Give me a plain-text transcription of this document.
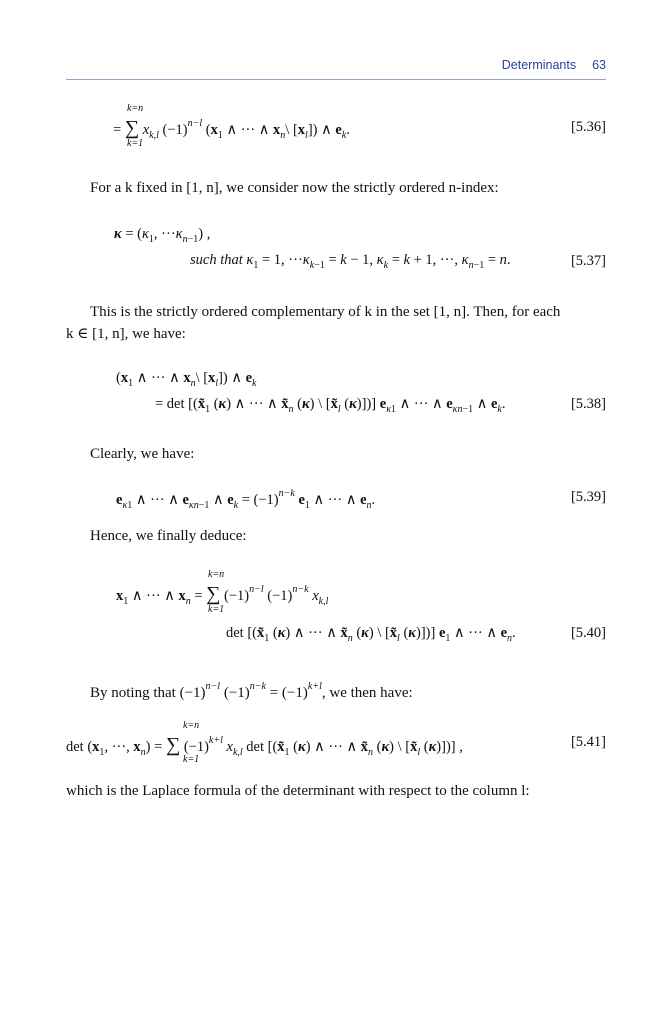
Determinants 63
k=n
= ∑ $x_{k,l}$ $(-1)^{n-l}$ ($x_1$ ∧ ··· ∧ $x_n\backslash$ $[x_l]$) ∧ $e_k$.
k=1
[5.36]
For a k fixed in [1, n], we consider now the strictly ordered n-index:
$\kappa = (\kappa_1$, $\cdot\cdot\cdot\kappa_{n-1}$) ,
such that $\kappa_1 = 1$, $\cdot\cdot\cdot\kappa_{k-1} = k - 1$, $\kappa_k = k + 1$, ···, $\kappa_{n-1} = n$.	[5.37]
This is the strictly ordered complementary of k in the set [1, n]. Then, for each
k ∈ [1, n], we have:
($x_1$ ∧ ··· ∧ $x_n\backslash$ $[x_l]$) ∧ $e_k$
= $\det [(x̃_1$ (κ) ∧ ··· ∧ $x̃_n$ (κ) \ [$x̃_l$ (κ)])] $e_{\kappa 1}$ ∧ ··· ∧ $e_{\kappa n-1}$ ∧ $e_k$.	[5.38]
Clearly, we have:
$e_{\kappa 1}$ ∧ ··· ∧ $e_{\kappa n-1}$ ∧ $e_k = (-1)^{n-k}$ $e_1$ ∧ ··· ∧ $e_n$.	[5.39]
Hence, we finally deduce:
k=n
$x_1$ ∧ ··· ∧ $x_n$ = ∑ $(-1)^{n-l}$ $(-1)^{n-k}$ $x_{k,l}$
k=1
$\det [(x̃_1$ (κ) ∧ ··· ∧ $x̃_n$ (κ) \ [$x̃_l$ (κ)])] $e_1$ ∧ ··· ∧ $e_n$.	[5.40]
By noting that $(-1)^{n-l}$ $(-1)^{n-k} = (-1)^{k+l}$, we then have:
k=n
$\det (x_1$, ···, $x_n$) = ∑ $(-1)^{k+l}$ $x_{k,l}$ $\det [(x̃_1$ (κ) ∧ ··· ∧ $x̃_n$ (κ) \ [$x̃_l$ (κ)])] ,
k=1
[5.41]
which is the Laplace formula of the determinant with respect to the column l:
